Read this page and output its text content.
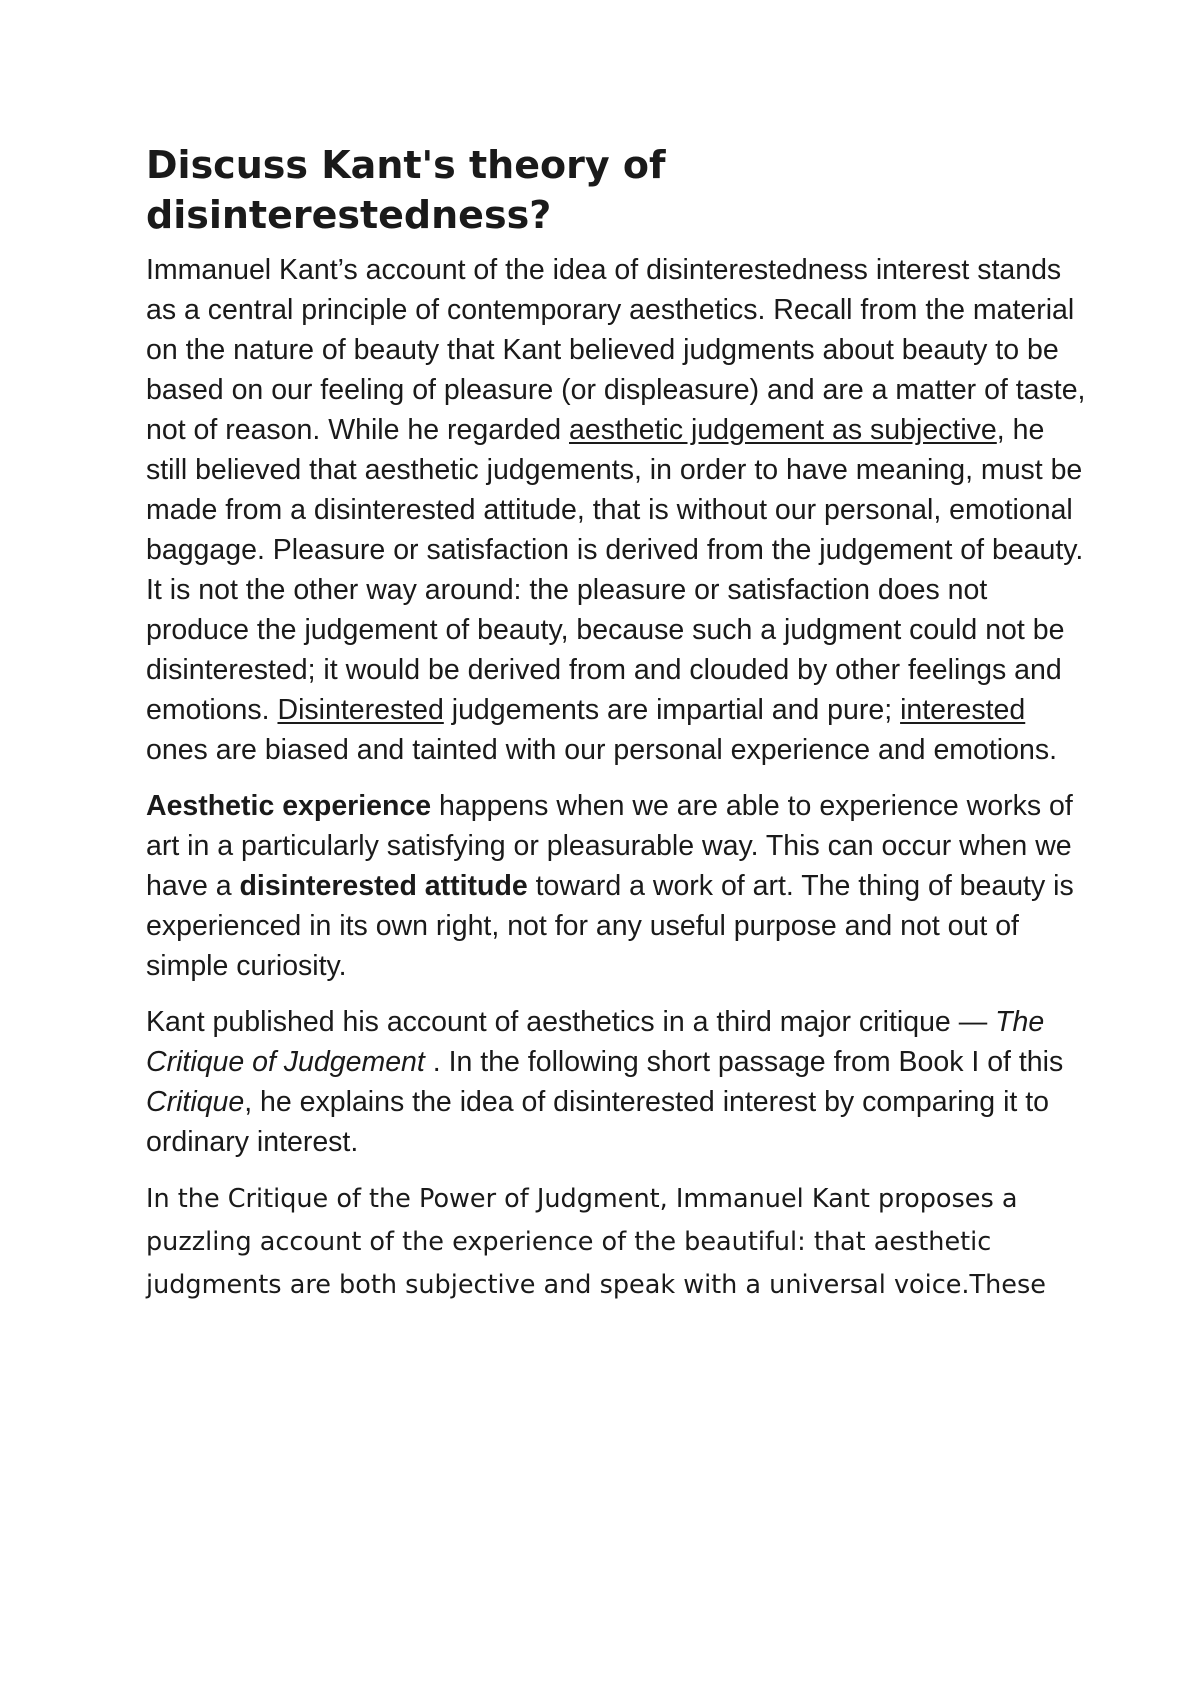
Discuss Kant's theory of
disinterestedness?

Immanuel Kant’s account of the idea of disinterestedness interest stands as a central principle of contemporary aesthetics. Recall from the material on the nature of beauty that Kant believed judgments about beauty to be based on our feeling of pleasure (or displeasure) and are a matter of taste, not of reason. While he regarded aesthetic judgement as subjective, he still believed that aesthetic judgements, in order to have meaning, must be made from a disinterested attitude, that is without our personal, emotional baggage. Pleasure or satisfaction is derived from the judgement of beauty. It is not the other way around: the pleasure or satisfaction does not produce the judgement of beauty, because such a judgment could not be disinterested; it would be derived from and clouded by other feelings and emotions. Disinterested judgements are impartial and pure; interested ones are biased and tainted with our personal experience and emotions.

Aesthetic experience happens when we are able to experience works of art in a particularly satisfying or pleasurable way. This can occur when we have a disinterested attitude toward a work of art. The thing of beauty is experienced in its own right, not for any useful purpose and not out of simple curiosity.

Kant published his account of aesthetics in a third major critique — The Critique of Judgement . In the following short passage from Book I of this Critique, he explains the idea of disinterested interest by comparing it to ordinary interest.

In the Critique of the Power of Judgment, Immanuel Kant proposes a
puzzling account of the experience of the beautiful: that aesthetic
judgments are both subjective and speak with a universal voice.These
